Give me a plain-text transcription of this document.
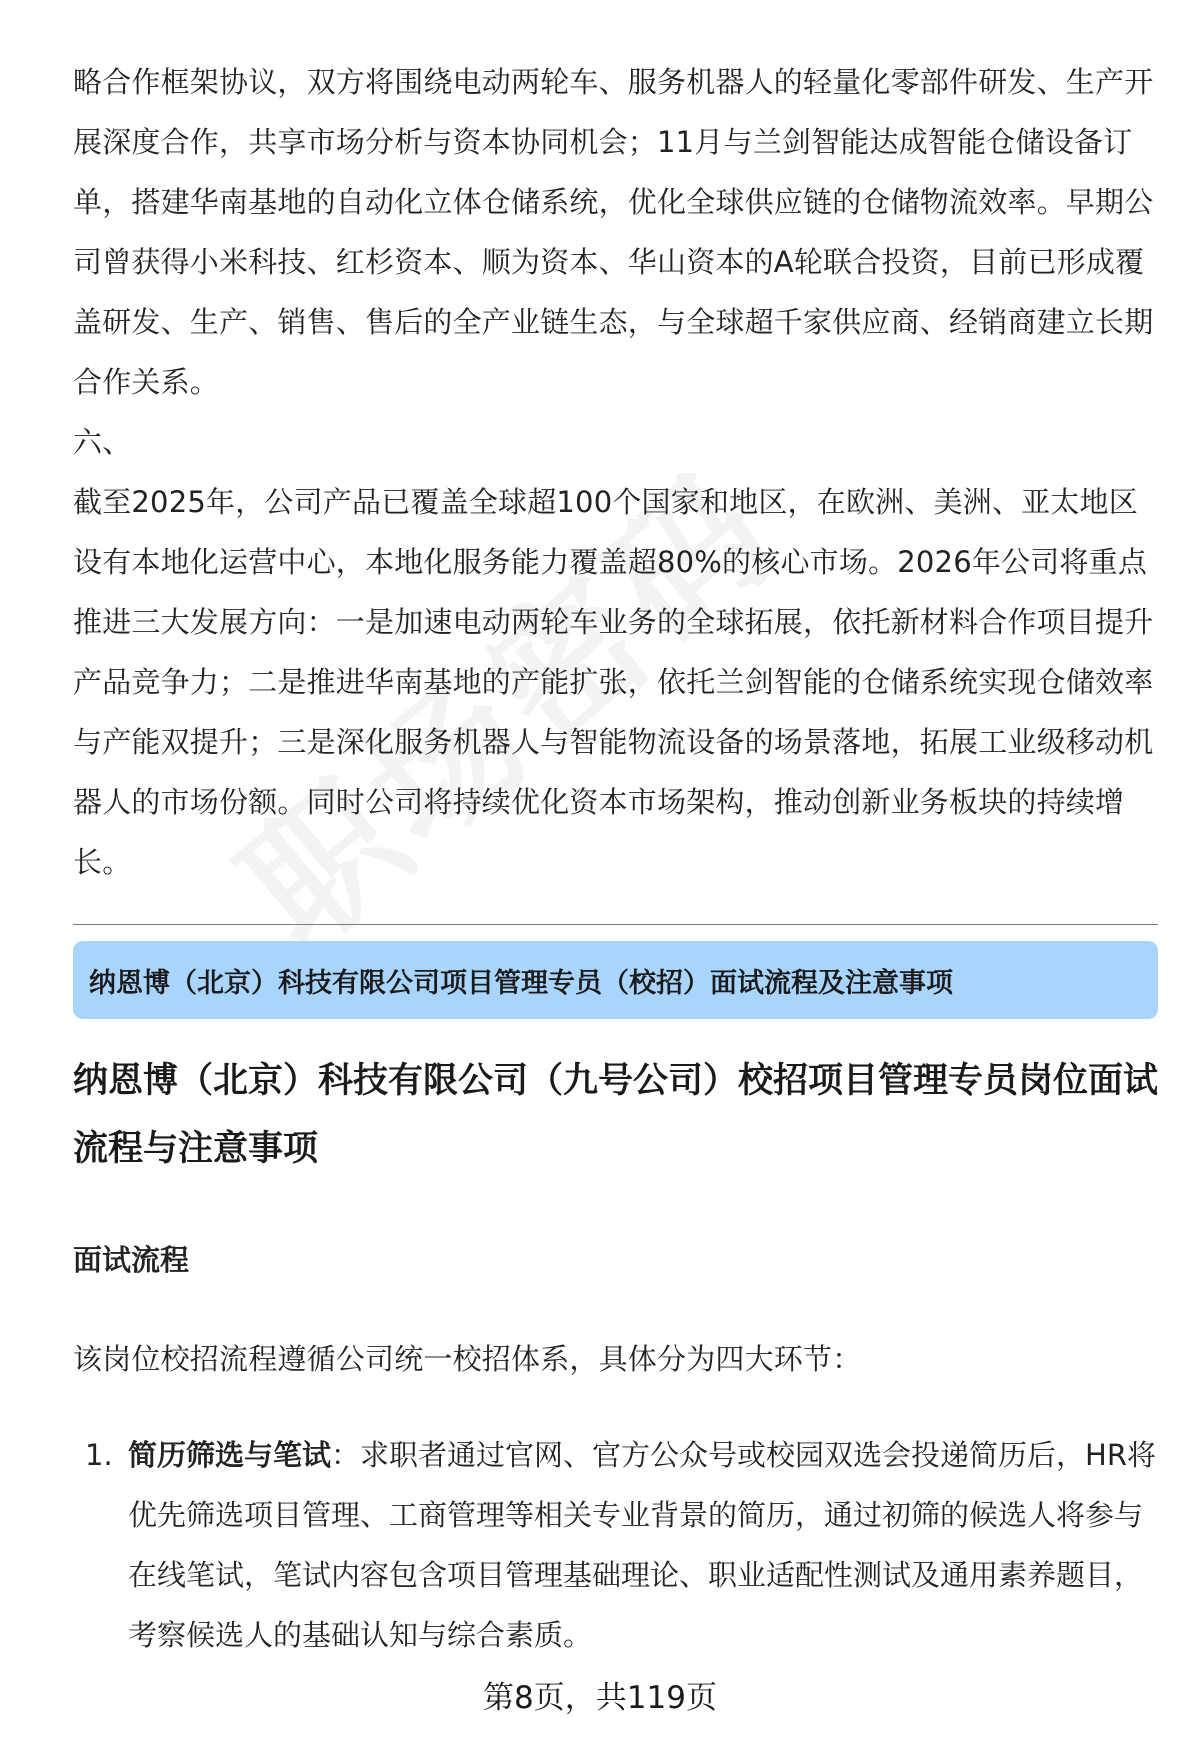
略合作框架协议，双方将围绕电动两轮车、服务机器人的轻量化零部件研发、生产开展深度合作，共享市场分析与资本协同机会；11月与兰剑智能达成智能仓储设备订单，搭建华南基地的自动化立体仓储系统，优化全球供应链的仓储物流效率。早期公司曾获得小米科技、红杉资本、顺为资本、华山资本的A轮联合投资，目前已形成覆盖研发、生产、销售、售后的全产业链生态，与全球超千家供应商、经销商建立长期合作关系。

六、

截至2025年，公司产品已覆盖全球超100个国家和地区，在欧洲、美洲、亚太地区设有本地化运营中心，本地化服务能力覆盖超80%的核心市场。2026年公司将重点推进三大发展方向：一是加速电动两轮车业务的全球拓展，依托新材料合作项目提升产品竞争力；二是推进华南基地的产能扩张，依托兰剑智能的仓储系统实现仓储效率与产能双提升；三是深化服务机器人与智能物流设备的场景落地，拓展工业级移动机器人的市场份额。同时公司将持续优化资本市场架构，推动创新业务板块的持续增长。

纳恩博（北京）科技有限公司项目管理专员（校招）面试流程及注意事项
纳恩博（北京）科技有限公司（九号公司）校招项目管理专员岗位面试流程与注意事项
面试流程

该岗位校招流程遵循公司统一校招体系，具体分为四大环节：

1. 简历筛选与笔试：求职者通过官网、官方公众号或校园双选会投递简历后，HR将优先筛选项目管理、工商管理等相关专业背景的简历，通过初筛的候选人将参与在线笔试，笔试内容包含项目管理基础理论、职业适配性测试及通用素养题目，考察候选人的基础认知与综合素质。
第8页，共119页
